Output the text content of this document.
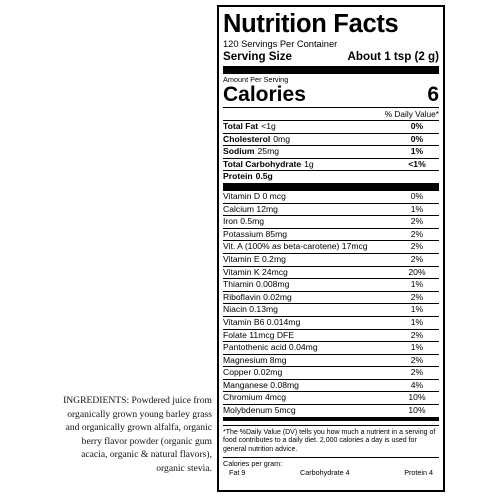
Nutrition Facts
120 Servings Per Container
Serving Size	About 1 tsp (2 g)
Amount Per Serving
Calories	6
% Daily Value*
Total Fat <1g	0%
Cholesterol 0mg	0%
Sodium 25mg	1%
Total Carbohydrate 1g	<1%
Protein 0.5g
Vitamin D 0 mcg	0%
Calcium 12mg	1%
Iron 0.5mg	2%
Potassium 85mg	2%
Vit. A (100% as beta-carotene) 17mcg	2%
Vitamin E 0.2mg	2%
Vitamin K 24mcg	20%
Thiamin 0.008mg	1%
Riboflavin 0.02mg	2%
Niacin 0.13mg	1%
Vitamin B6 0.014mg	1%
Folate 11mcg DFE	2%
Pantothenic acid 0.04mg	1%
Magnesium 8mg	2%
Copper 0.02mg	2%
Manganese 0.08mg	4%
Chromium 4mcg	10%
Molybdenum 5mcg	10%
*The %Daily Value (DV) tells you how much a nutrient in a serving of food contributes to a daily diet. 2,000 calories a day is used for general nutrition advice.
Calories per gram:
Fat 9	Carbohydrate 4	Protein 4
INGREDIENTS: Powdered juice from
organically grown young barley grass
and organically grown alfalfa, organic
berry flavor powder (organic gum
acacia, organic & natural flavors),
organic stevia.
